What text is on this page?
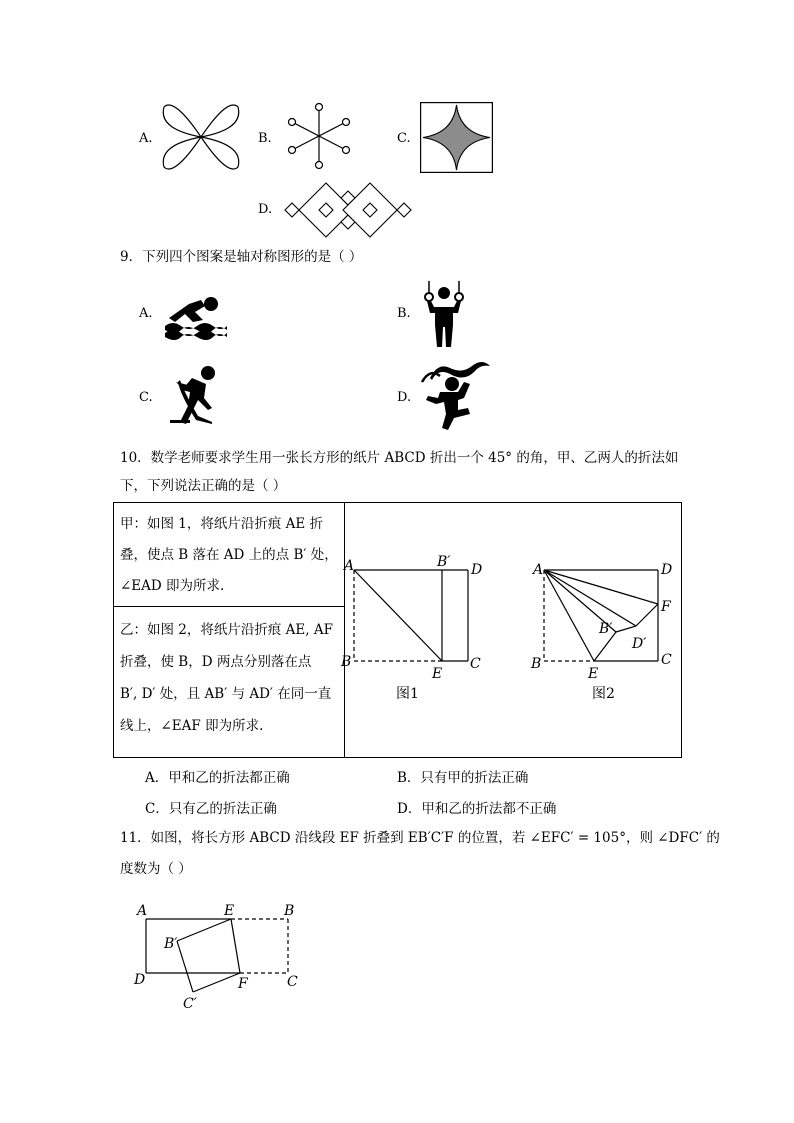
A.	B.	C.
D.
9．下列四个图案是轴对称图形的是（ ）
A.	B.
C.	D.
10．数学老师要求学生用一张长方形的纸片 ABCD 折出一个 45° 的角，甲、乙两人的折法如
下，下列说法正确的是（ ）
甲：如图 1，将纸片沿折痕 AE 折
叠，使点 B 落在 AD 上的点 B′ 处，
∠EAD 即为所求.

乙：如图 2，将纸片沿折痕 AE, AF
折叠，使 B，D 两点分别落在点
B′, D′ 处，且 AB′ 与 AD′ 在同一直
线上，∠EAF 即为所求.
A	B′ D
B
E
C
图1
A	D
F
B′
D′
B
E
C
图2
A．甲和乙的折法都正确	B．只有甲的折法正确
C．只有乙的折法正确	D．甲和乙的折法都不正确
11．如图，将长方形 ABCD 沿线段 EF 折叠到 EB′C′F 的位置，若 ∠EFC′ = 105°，则 ∠DFC′ 的
度数为（ ）
A	E	B
B′
D	F	C
C′
